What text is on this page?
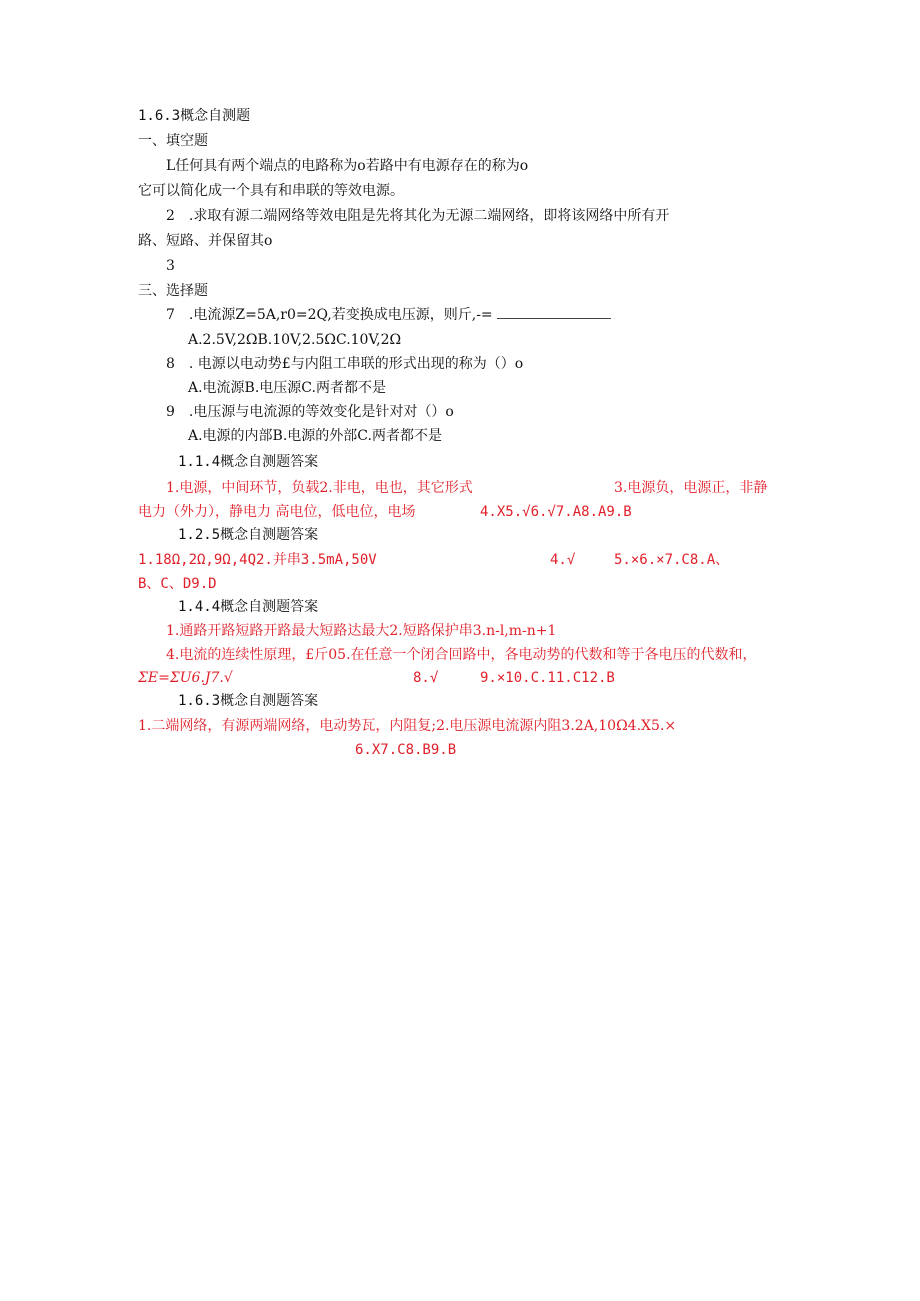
1.6.3概念自测题
一、填空题
L任何具有两个端点的电路称为o若路中有电源存在的称为o
它可以简化成一个具有和串联的等效电源。
2　.求取有源二端网络等效电阻是先将其化为无源二端网络，即将该网络中所有开
路、短路、并保留其o
3
三、选择题
7　.电流源Z=5A,r0=2Q,若变换成电压源，则斤,-=
A.2.5V,2ΩB.10V,2.5ΩC.10V,2Ω
8　. 电源以电动势£与内阻工串联的形式出现的称为（）o
A.电流源B.电压源C.两者都不是
9　.电压源与电流源的等效变化是针对对（）o
A.电源的内部B.电源的外部C.两者都不是
1.1.4概念自测题答案
1.电源，中间环节，负载2.非电，电也，其它形式	3.电源负，电源正，非静
电力（外力），静电力 高电位，低电位，电场	4.X5.√6.√7.A8.A9.B
1.2.5概念自测题答案
1.18Ω,2Ω,9Ω,4Q2.并串3.5mA,50V	4.√	5.×6.×7.C8.A、
B、C、D9.D
1.4.4概念自测题答案
1.通路开路短路开路最大短路达最大2.短路保护串3.n-l,m-n+1
4.电流的连续性原理，£斤05.在任意一个闭合回路中，各电动势的代数和等于各电压的代数和，
ΣE=ΣU6.J7.√	8.√	9.×10.C.11.C12.B
1.6.3概念自测题答案
1.二端网络，有源两端网络，电动势瓦，内阻复;2.电压源电流源内阻3.2A,10Ω4.X5.×
6.X7.C8.B9.B
